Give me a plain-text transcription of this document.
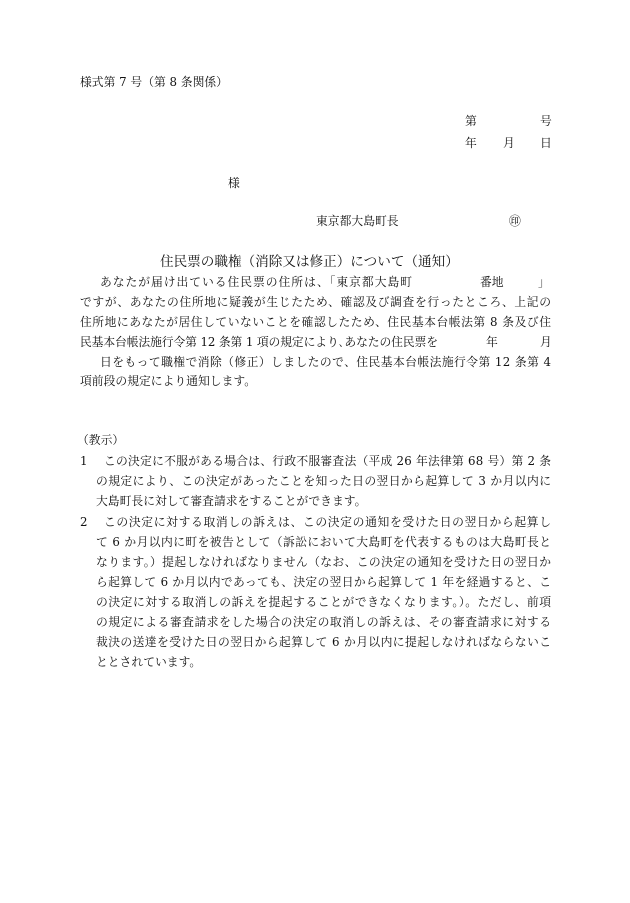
様式第 7 号（第 8 条関係）
第	号
年 月 日
様
東京都大島町長	㊞
住民票の職権（消除又は修正）について（通知）
あなたが届け出ている住民票の住所は、「東京都大島町	番地	」
ですが、あなたの住所地に疑義が生じたため、確認及び調査を行ったところ、上記の
住所地にあなたが居住していないことを確認したため、住民基本台帳法第 8 条及び住
民基本台帳法施行令第 12 条第 1 項の規定により､あなたの住民票を	年	月
日をもって職権で消除（修正）しましたので、住民基本台帳法施行令第 12 条第 4
項前段の規定により通知します。
（教示）
1 この決定に不服がある場合は、行政不服審査法（平成 26 年法律第 68 号）第 2 条
の規定により、この決定があったことを知った日の翌日から起算して 3 か月以内に
大島町長に対して審査請求をすることができます。
2 この決定に対する取消しの訴えは、この決定の通知を受けた日の翌日から起算し
て 6 か月以内に町を被告として（訴訟において大島町を代表するものは大島町長と
なります。）提起しなければなりません（なお、この決定の通知を受けた日の翌日か
ら起算して 6 か月以内であっても、決定の翌日から起算して 1 年を経過すると、こ
の決定に対する取消しの訴えを提起することができなくなります。）。ただし、前項
の規定による審査請求をした場合の決定の取消しの訴えは、その審査請求に対する
裁決の送達を受けた日の翌日から起算して 6 か月以内に提起しなければならないこ
ととされています。
